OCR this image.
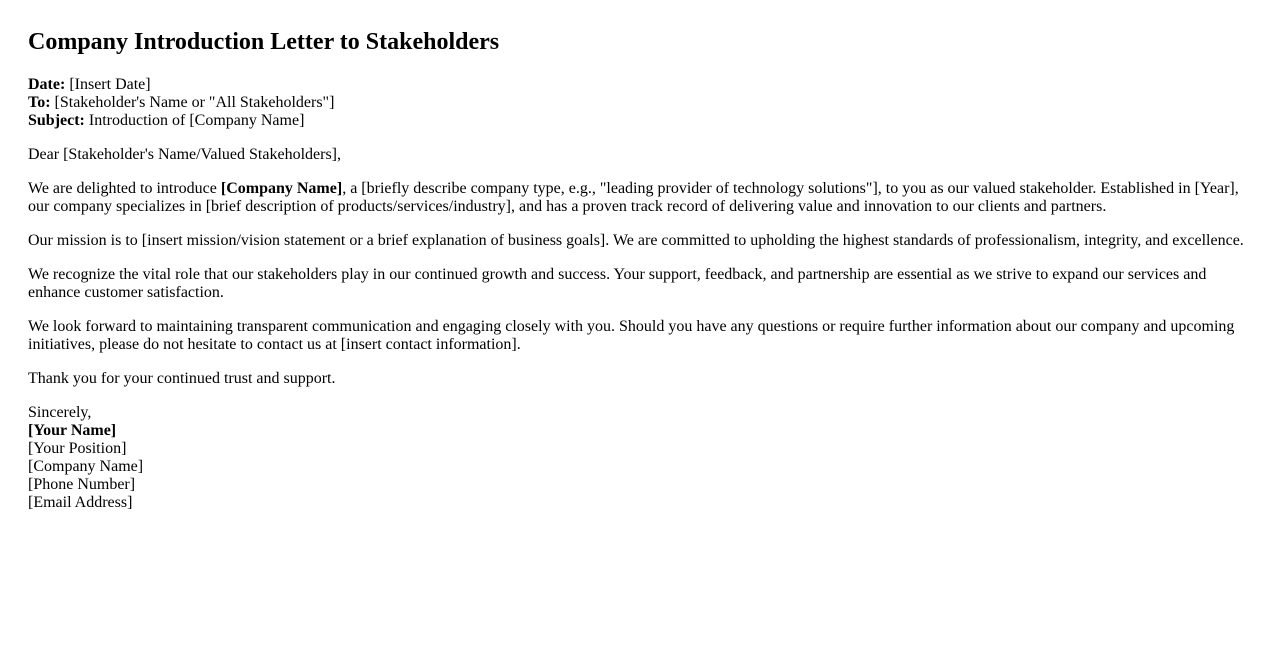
Company Introduction Letter to Stakeholders
Date: [Insert Date]
To: [Stakeholder's Name or "All Stakeholders"]
Subject: Introduction of [Company Name]

Dear [Stakeholder's Name/Valued Stakeholders],

We are delighted to introduce [Company Name], a [briefly describe company type, e.g., "leading provider of technology solutions"], to you as our valued stakeholder. Established in [Year], our company specializes in [brief description of products/services/industry], and has a proven track record of delivering value and innovation to our clients and partners.

Our mission is to [insert mission/vision statement or a brief explanation of business goals]. We are committed to upholding the highest standards of professionalism, integrity, and excellence.

We recognize the vital role that our stakeholders play in our continued growth and success. Your support, feedback, and partnership are essential as we strive to expand our services and enhance customer satisfaction.

We look forward to maintaining transparent communication and engaging closely with you. Should you have any questions or require further information about our company and upcoming initiatives, please do not hesitate to contact us at [insert contact information].

Thank you for your continued trust and support.

Sincerely,
[Your Name]
[Your Position]
[Company Name]
[Phone Number]
[Email Address]
